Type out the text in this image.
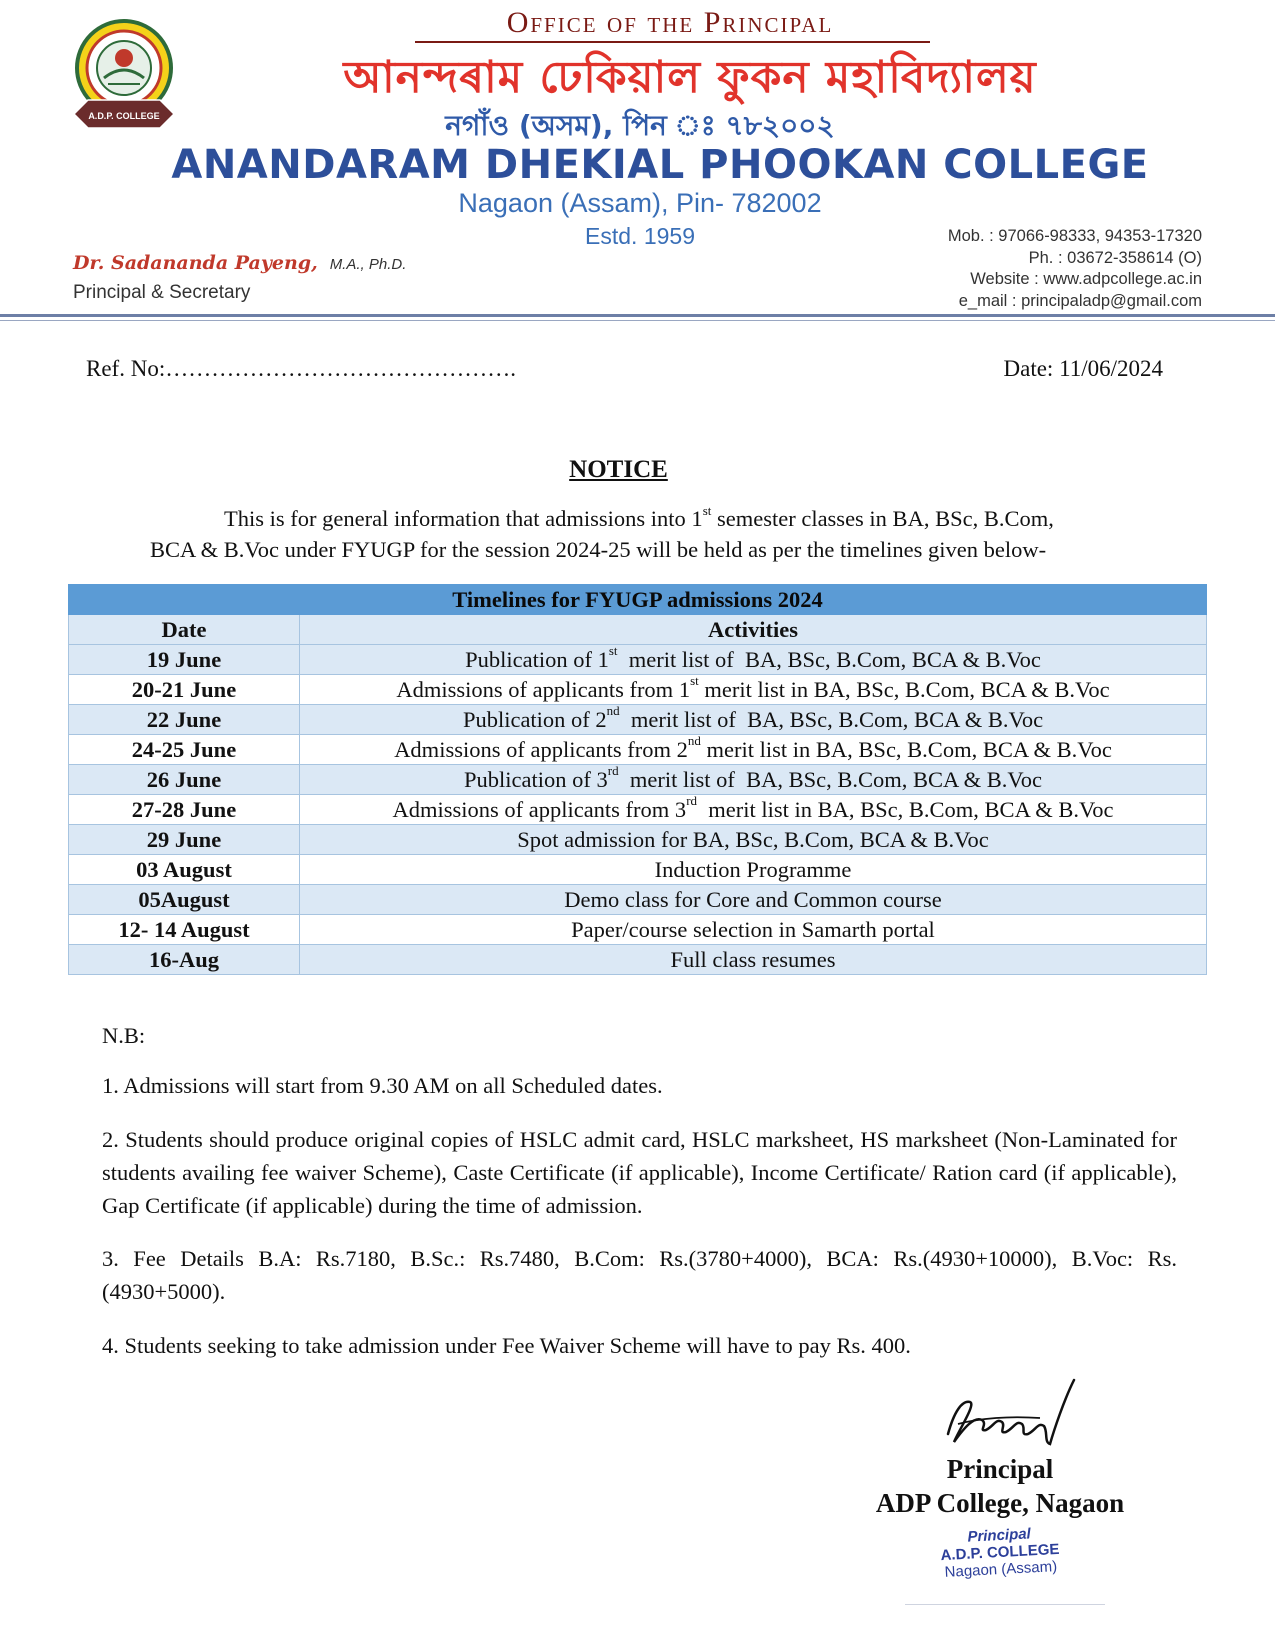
A.D.P. COLLEGE
Office of the Principal
আনন্দৰাম ঢেকিয়াল ফুকন মহাবিদ্যালয়
নগাঁও (অসম), পিন ঃ ৭৮২০০২
ANANDARAM DHEKIAL PHOOKAN COLLEGE
Nagaon (Assam), Pin- 782002
Estd. 1959
Dr. Sadananda Payeng, M.A., Ph.D.
Principal & Secretary
Mob. : 97066-98333, 94353-17320
Ph. : 03672-358614 (O)
Website : www.adpcollege.ac.in
e_mail : principaladp@gmail.com
Ref. No:……………………………………….	Date: 11/06/2024
NOTICE
This is for general information that admissions into 1st semester classes in BA, BSc, B.Com,
BCA & B.Voc under FYUGP for the session 2024-25 will be held as per the timelines given below-
Timelines for FYUGP admissions 2024	
Date	Activities
19 June	Publication of 1st  merit list of  BA, BSc, B.Com, BCA & B.Voc
20-21 June	Admissions of applicants from 1st merit list in BA, BSc, B.Com, BCA & B.Voc
22 June	Publication of 2nd  merit list of  BA, BSc, B.Com, BCA & B.Voc
24-25 June	Admissions of applicants from 2nd merit list in BA, BSc, B.Com, BCA & B.Voc
26 June	Publication of 3rd  merit list of  BA, BSc, B.Com, BCA & B.Voc
27-28 June	Admissions of applicants from 3rd  merit list in BA, BSc, B.Com, BCA & B.Voc
29 June	Spot admission for BA, BSc, B.Com, BCA & B.Voc
03 August	Induction Programme
05August	Demo class for Core and Common course
12- 14 August	Paper/course selection in Samarth portal
16-Aug	Full class resumes
N.B:
1. Admissions will start from 9.30 AM on all Scheduled dates.
2. Students should produce original copies of HSLC admit card, HSLC marksheet, HS marksheet (Non-Laminated for students availing fee waiver Scheme), Caste Certificate (if applicable), Income Certificate/ Ration card (if applicable), Gap Certificate (if applicable) during the time of admission.
3. Fee Details B.A: Rs.7180, B.Sc.: Rs.7480, B.Com: Rs.(3780+4000), BCA: Rs.(4930+10000), B.Voc: Rs.(4930+5000).
4. Students seeking to take admission under Fee Waiver Scheme will have to pay Rs. 400.
Principal
ADP College, Nagaon
Principal
A.D.P. COLLEGE
Nagaon (Assam)
